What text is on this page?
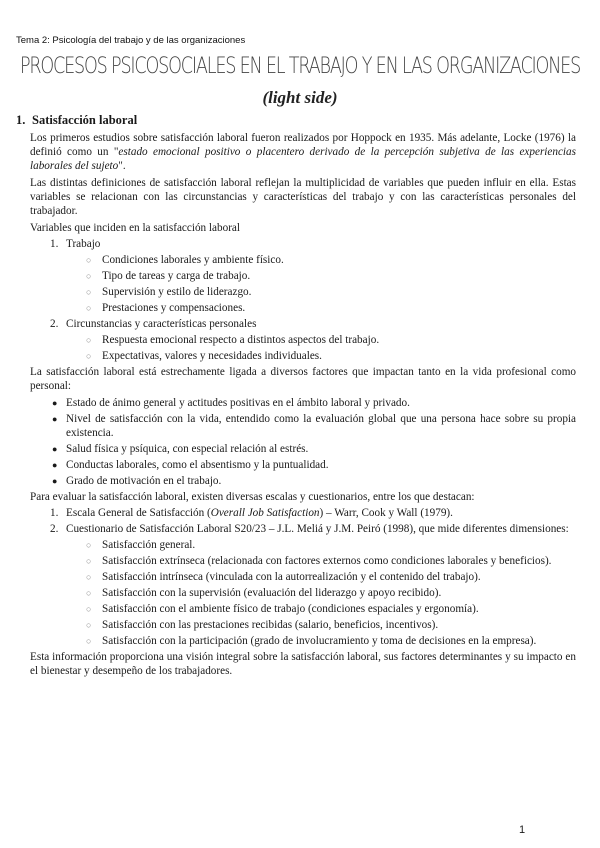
Tema 2: Psicología del trabajo y de las organizaciones
PROCESOS PSICOSOCIALES EN EL TRABAJO Y EN LAS ORGANIZACIONES
(light side)
1. Satisfacción laboral

Los primeros estudios sobre satisfacción laboral fueron realizados por Hoppock en 1935. Más adelante, Locke (1976) la definió como un "estado emocional positivo o placentero derivado de la percepción subjetiva de las experiencias laborales del sujeto".

Las distintas definiciones de satisfacción laboral reflejan la multiplicidad de variables que pueden influir en ella. Estas variables se relacionan con las circunstancias y características del trabajo y con las características personales del trabajador.

Variables que inciden en la satisfacción laboral

1. Trabajo
○ Condiciones laborales y ambiente físico.
○ Tipo de tareas y carga de trabajo.
○ Supervisión y estilo de liderazgo.
○ Prestaciones y compensaciones.
2. Circunstancias y características personales
○ Respuesta emocional respecto a distintos aspectos del trabajo.
○ Expectativas, valores y necesidades individuales.

La satisfacción laboral está estrechamente ligada a diversos factores que impactan tanto en la vida profesional como personal:

● Estado de ánimo general y actitudes positivas en el ámbito laboral y privado.
● Nivel de satisfacción con la vida, entendido como la evaluación global que una persona hace sobre su propia existencia.
● Salud física y psíquica, con especial relación al estrés.
● Conductas laborales, como el absentismo y la puntualidad.
● Grado de motivación en el trabajo.

Para evaluar la satisfacción laboral, existen diversas escalas y cuestionarios, entre los que destacan:

1. Escala General de Satisfacción (Overall Job Satisfaction) – Warr, Cook y Wall (1979).
2. Cuestionario de Satisfacción Laboral S20/23 – J.L. Meliá y J.M. Peiró (1998), que mide diferentes dimensiones:
○ Satisfacción general.
○ Satisfacción extrínseca (relacionada con factores externos como condiciones laborales y beneficios).
○ Satisfacción intrínseca (vinculada con la autorrealización y el contenido del trabajo).
○ Satisfacción con la supervisión (evaluación del liderazgo y apoyo recibido).
○ Satisfacción con el ambiente físico de trabajo (condiciones espaciales y ergonomía).
○ Satisfacción con las prestaciones recibidas (salario, beneficios, incentivos).
○ Satisfacción con la participación (grado de involucramiento y toma de decisiones en la empresa).

Esta información proporciona una visión integral sobre la satisfacción laboral, sus factores determinantes y su impacto en el bienestar y desempeño de los trabajadores.

1
